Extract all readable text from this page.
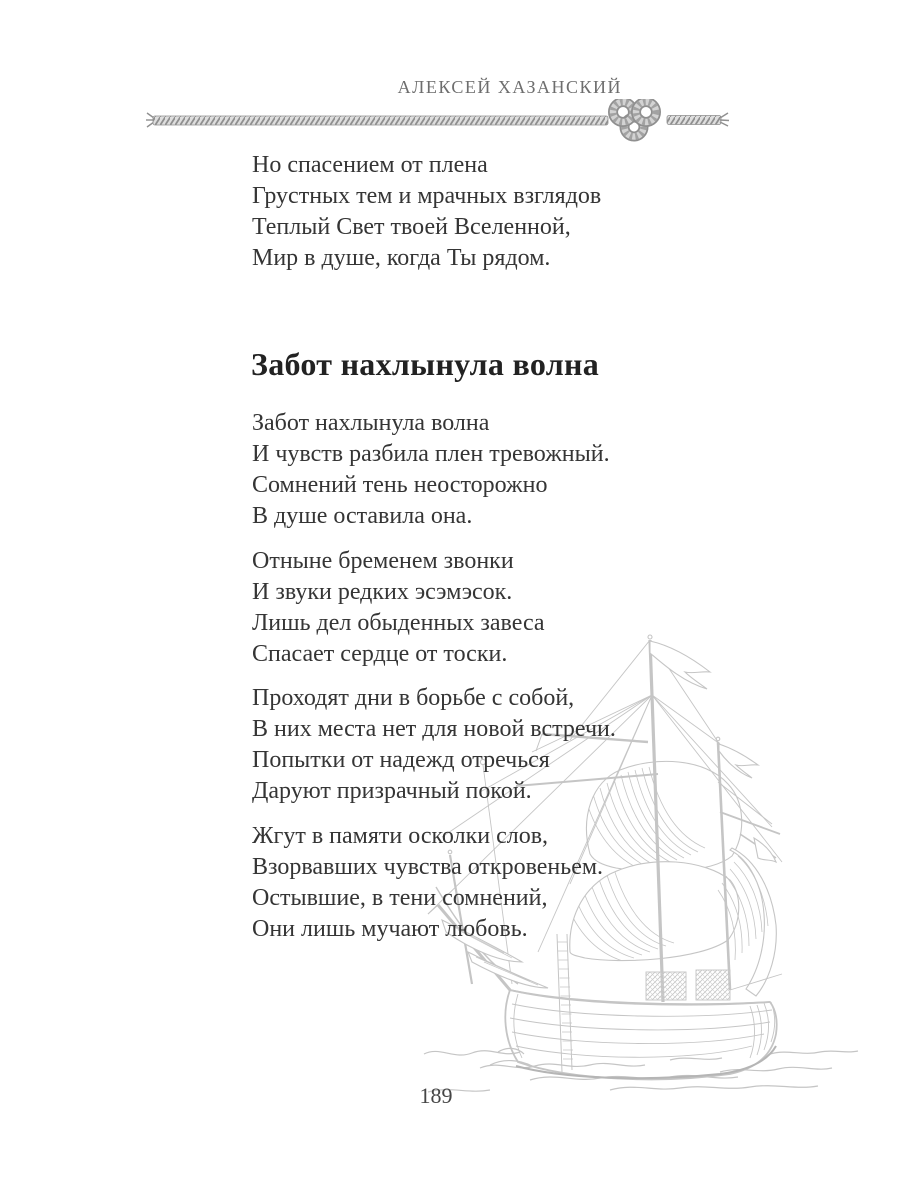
АЛЕКСЕЙ ХАЗАНСКИЙ
Но спасением от плена
Грустных тем и мрачных взглядов
Теплый Свет твоей Вселенной,
Мир в душе, когда Ты рядом.
Забот нахлынула волна
Забот нахлынула волна
И чувств разбила плен тревожный.
Сомнений тень неосторожно
В душе оставила она.
Отныне бременем звонки
И звуки редких эсэмэсок.
Лишь дел обыденных завеса
Спасает сердце от тоски.
Проходят дни в борьбе с собой,
В них места нет для новой встречи.
Попытки от надежд отречься
Даруют призрачный покой.
Жгут в памяти осколки слов,
Взорвавших чувства откровеньем.
Остывшие, в тени сомнений,
Они лишь мучают любовь.
189
